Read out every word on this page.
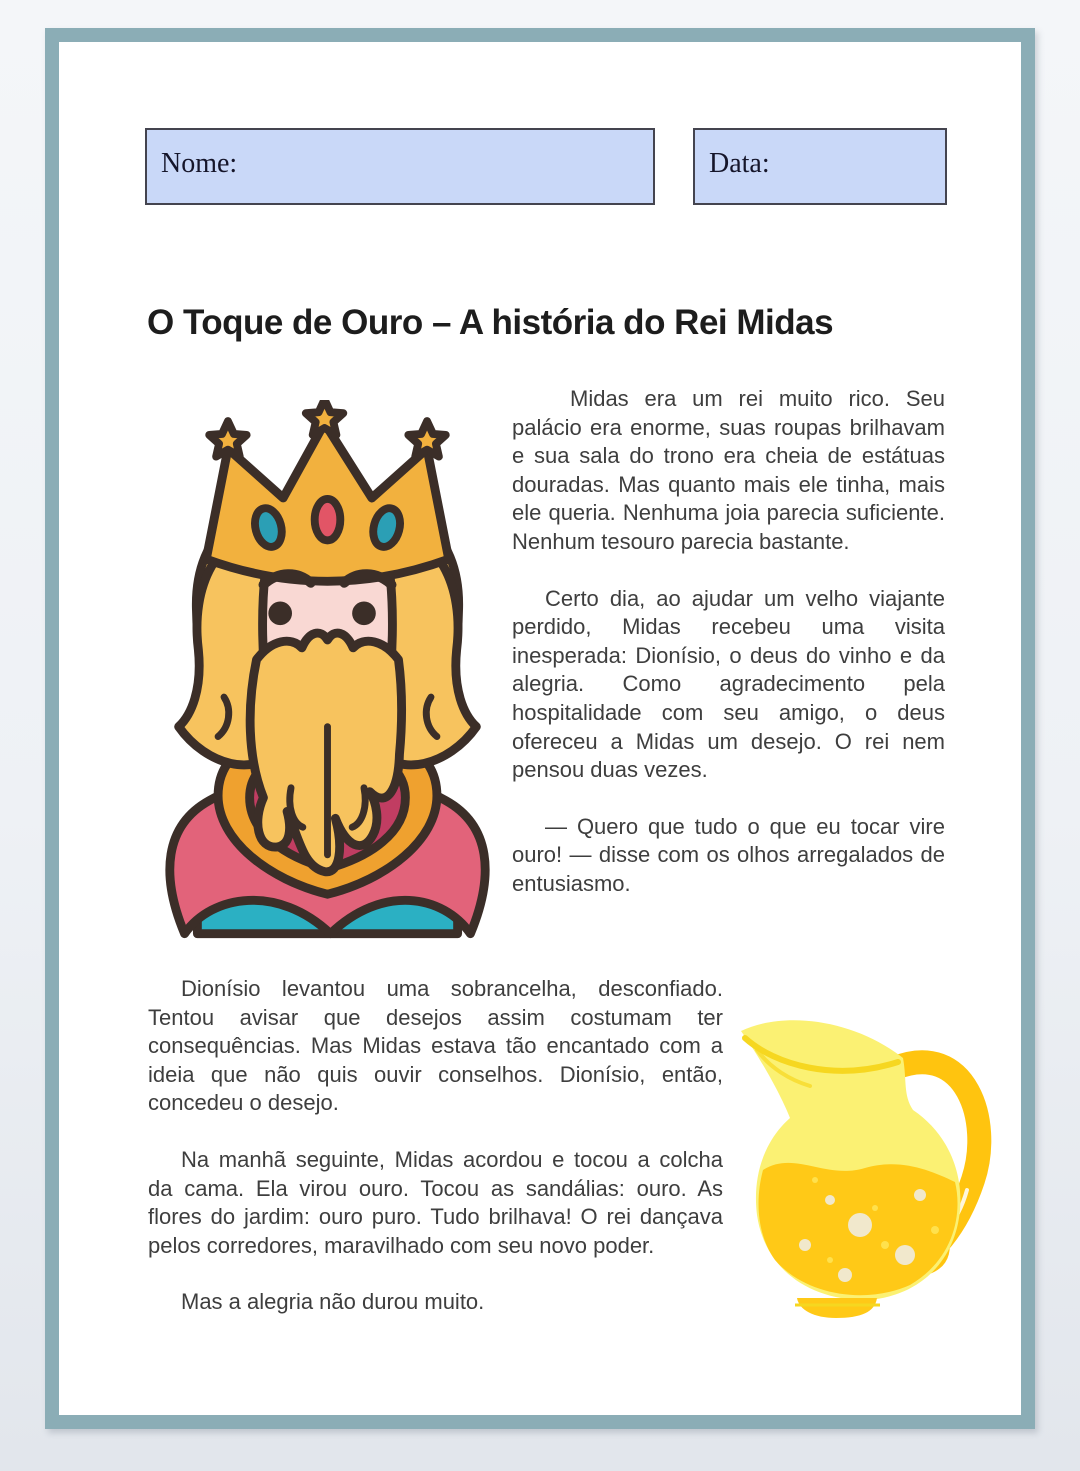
Nome:	Data:
O Toque de Ouro – A história do Rei Midas

Midas era um rei muito rico. Seu palácio era enorme, suas roupas brilhavam e sua sala do trono era cheia de estátuas douradas. Mas quanto mais ele tinha, mais ele queria. Nenhuma joia parecia suficiente. Nenhum tesouro parecia bastante.

Certo dia, ao ajudar um velho viajante perdido, Midas recebeu uma visita inesperada: Dionísio, o deus do vinho e da alegria. Como agradecimento pela hospitalidade com seu amigo, o deus ofereceu a Midas um desejo. O rei nem pensou duas vezes.

— Quero que tudo o que eu tocar vire ouro! — disse com os olhos arregalados de entusiasmo.

Dionísio levantou uma sobrancelha, desconfiado. Tentou avisar que desejos assim costumam ter consequências. Mas Midas estava tão encantado com a ideia que não quis ouvir conselhos. Dionísio, então, concedeu o desejo.

Na manhã seguinte, Midas acordou e tocou a colcha da cama. Ela virou ouro. Tocou as sandálias: ouro. As flores do jardim: ouro puro. Tudo brilhava! O rei dançava pelos corredores, maravilhado com seu novo poder.

Mas a alegria não durou muito.
